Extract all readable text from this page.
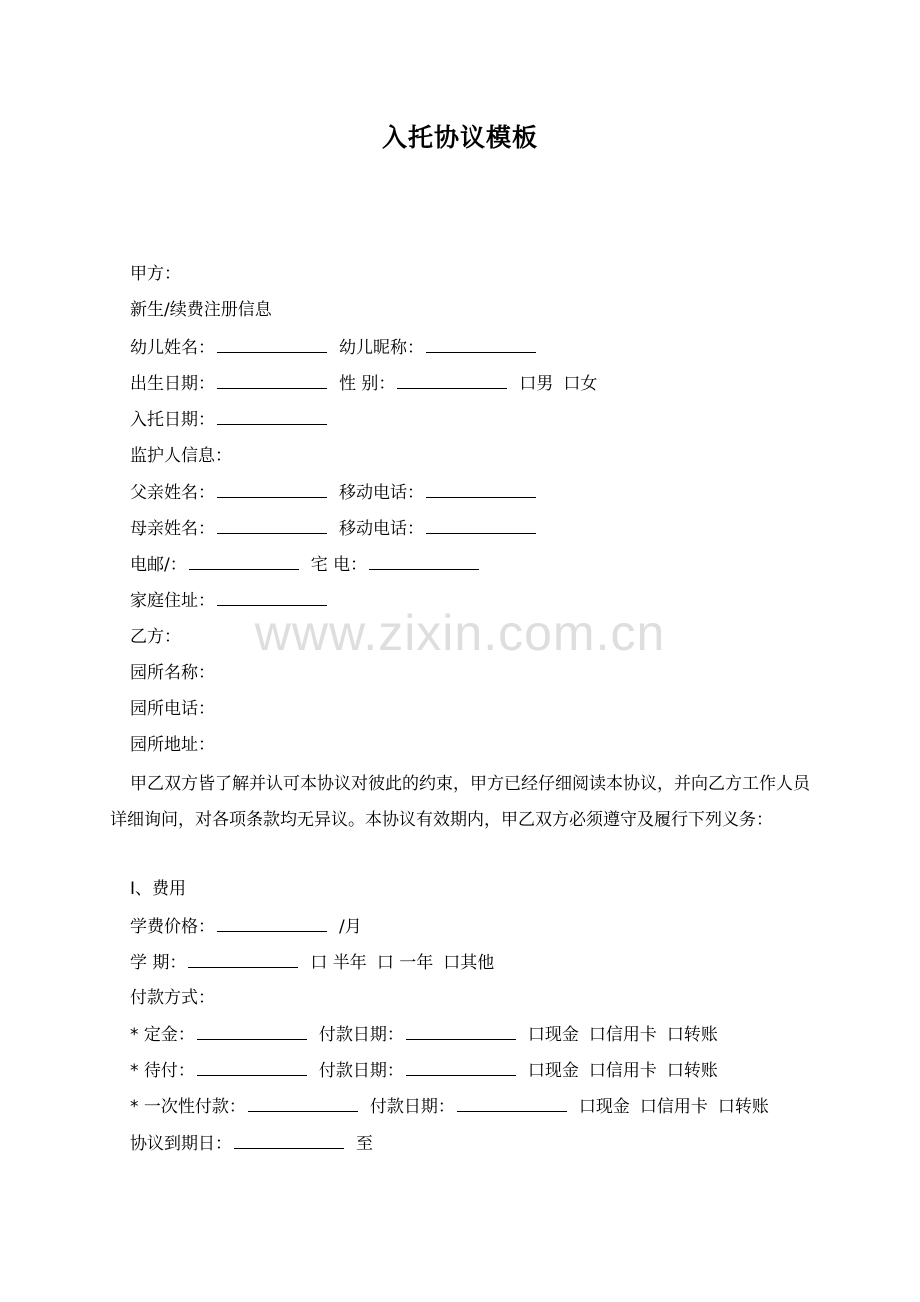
入托协议模板
www.zixin.com.cn
甲方：
新生/续费注册信息
幼儿姓名：	幼儿昵称：
出生日期：	性 别：	口男 口女
入托日期：
监护人信息：
父亲姓名：	移动电话：
母亲姓名：	移动电话：
电邮/：	宅 电：
家庭住址：
乙方：
园所名称：
园所电话：
园所地址：
甲乙双方皆了解并认可本协议对彼此的约束，甲方已经仔细阅读本协议，并向乙方工作人员详细询问，对各项条款均无异议。本协议有效期内，甲乙双方必须遵守及履行下列义务：
Ⅰ、费用
学费价格：	/月
学 期：	口 半年 口 一年 口其他
付款方式：
* 定金：	付款日期：	口现金 口信用卡 口转账
* 待付：	付款日期：	口现金 口信用卡 口转账
* 一次性付款：	付款日期：	口现金 口信用卡 口转账
协议到期日：	至
